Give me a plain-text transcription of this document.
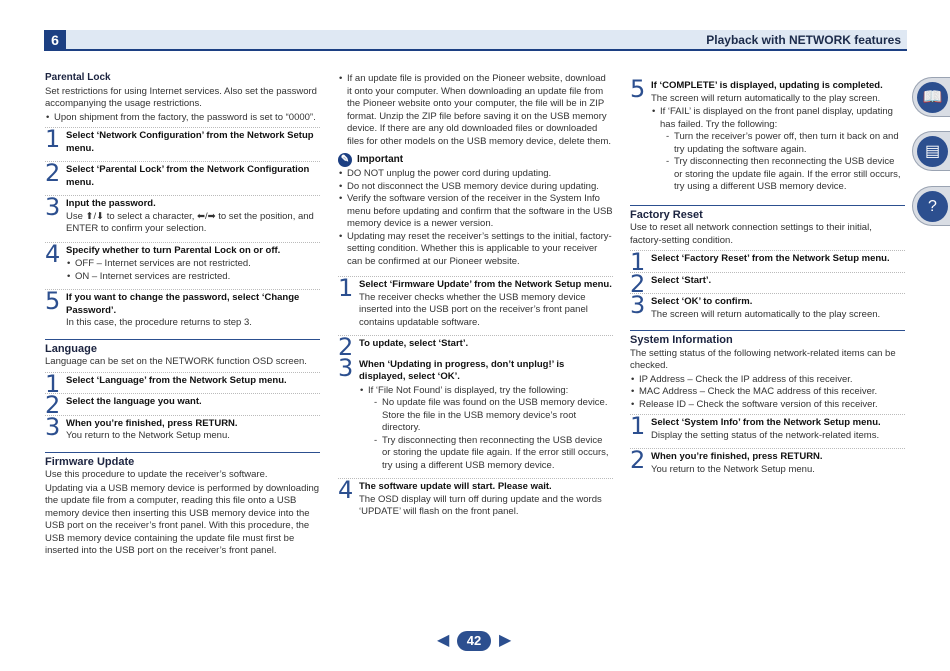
6	Playback with NETWORK features
Parental Lock

Set restrictions for using Internet services. Also set the password accompanying the usage restrictions.

• Upon shipment from the factory, the password is set to “0000”.
1 Select ‘Network Configuration’ from the Network Setup menu.
2 Select ‘Parental Lock’ from the Network Configuration menu.
3 Input the password.
Use ⬆/⬇ to select a character, ⬅/➡ to set the position, and ENTER to confirm your selection.
4 Specify whether to turn Parental Lock on or off.
• OFF – Internet services are not restricted.
• ON – Internet services are restricted.
5 If you want to change the password, select ‘Change Password’.
In this case, the procedure returns to step 3.
Language

Language can be set on the NETWORK function OSD screen.

1 Select ‘Language’ from the Network Setup menu.
2 Select the language you want.
3 When you’re finished, press RETURN.
You return to the Network Setup menu.
Firmware Update

Use this procedure to update the receiver’s software.

Updating via a USB memory device is performed by downloading the update file from a computer, reading this file onto a USB memory device then inserting this USB memory device into the USB port on the receiver’s front panel. With this procedure, the USB memory device containing the update file must first be inserted into the USB port on the receiver’s front panel.

• If an update file is provided on the Pioneer website, download it onto your computer. When downloading an update file from the Pioneer website onto your computer, the file will be in ZIP format. Unzip the ZIP file before saving it on the USB memory device. If there are any old downloaded files or downloaded files for other models on the USB memory device, delete them.
✎ Important
• DO NOT unplug the power cord during updating.
• Do not disconnect the USB memory device during updating.
• Verify the software version of the receiver in the System Info menu before updating and confirm that the software in the USB memory device is a newer version.
• Updating may reset the receiver’s settings to the initial, factory-setting condition. Whether this is applicable to your receiver can be confirmed at our Pioneer website.
1 Select ‘Firmware Update’ from the Network Setup menu.
The receiver checks whether the USB memory device inserted into the USB port on the receiver’s front panel contains updatable software.
2 To update, select ‘Start’.
3 When ‘Updating in progress, don’t unplug!’ is displayed, select ‘OK’.
• If ‘File Not Found’ is displayed, try the following:
- No update file was found on the USB memory device. Store the file in the USB memory device’s root directory.
- Try disconnecting then reconnecting the USB device or storing the update file again. If the error still occurs, try using a different USB memory device.
4 The software update will start. Please wait.
The OSD display will turn off during update and the words ‘UPDATE’ will flash on the front panel.
5 If ‘COMPLETE’ is displayed, updating is completed.
The screen will return automatically to the play screen.
• If ‘FAIL’ is displayed on the front panel display, updating has failed. Try the following:
- Turn the receiver’s power off, then turn it back on and try updating the software again.
- Try disconnecting then reconnecting the USB device or storing the update file again. If the error still occurs, try using a different USB memory device.
Factory Reset

Use to reset all network connection settings to their initial, factory-setting condition.

1 Select ‘Factory Reset’ from the Network Setup menu.
2 Select ‘Start’.
3 Select ‘OK’ to confirm.
The screen will return automatically to the play screen.
System Information

The setting status of the following network-related items can be checked.

• IP Address – Check the IP address of this receiver.
• MAC Address – Check the MAC address of this receiver.
• Release ID – Check the software version of this receiver.
1 Select ‘System Info’ from the Network Setup menu.
Display the setting status of the network-related items.
2 When you’re finished, press RETURN.
You return to the Network Setup menu.
📖
▤
?
◀	42	▶
